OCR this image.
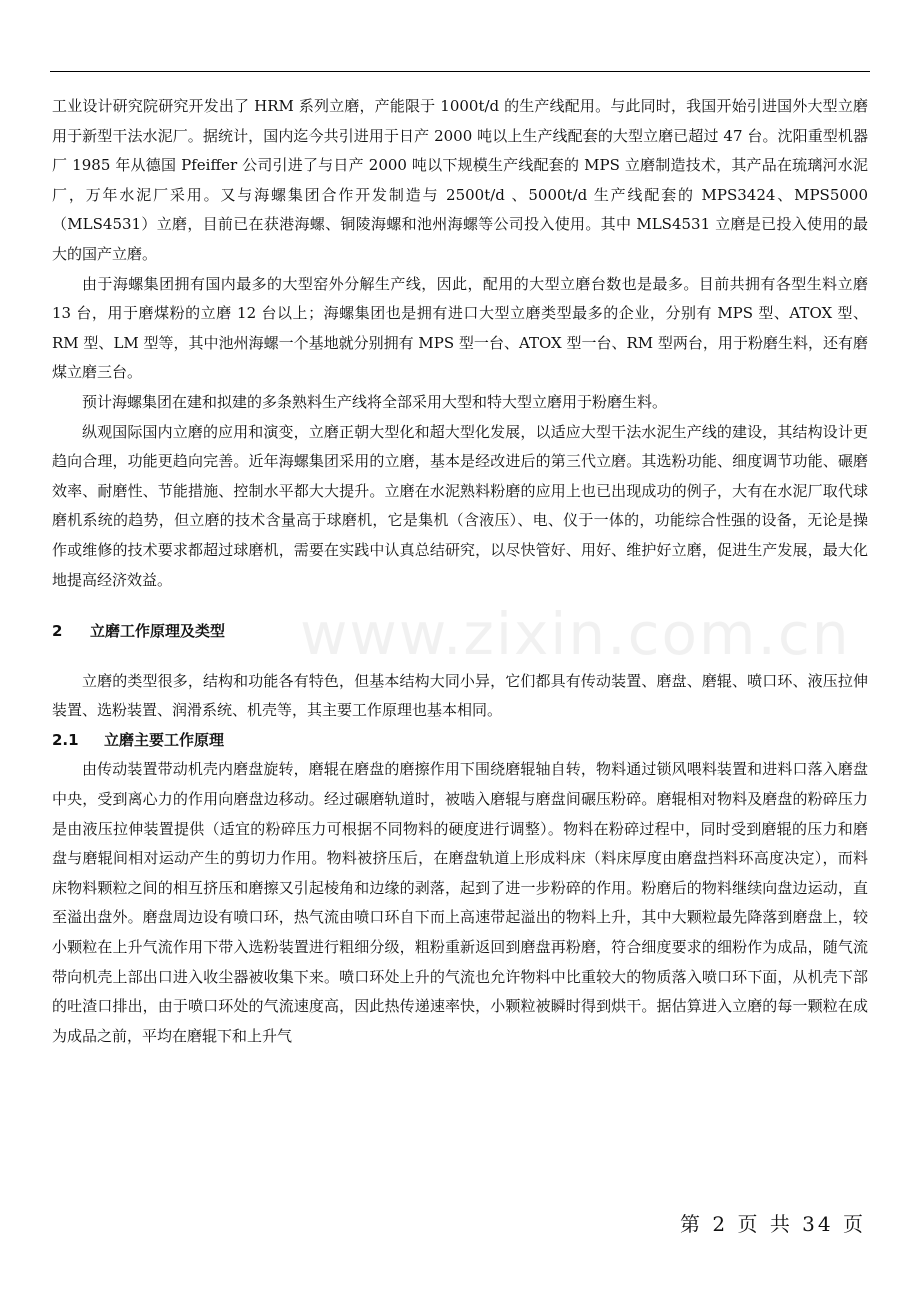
www.zixin.com.cn

工业设计研究院研究开发出了 HRM 系列立磨，产能限于 1000t/d 的生产线配用。与此同时，我国开始引进国外大型立磨用于新型干法水泥厂。据统计，国内迄今共引进用于日产 2000 吨以上生产线配套的大型立磨已超过 47 台。沈阳重型机器厂 1985 年从德国 Pfeiffer 公司引进了与日产 2000 吨以下规模生产线配套的 MPS 立磨制造技术，其产品在琉璃河水泥厂，万年水泥厂采用。又与海螺集团合作开发制造与 2500t/d 、5000t/d 生产线配套的 MPS3424、MPS5000（MLS4531）立磨，目前已在获港海螺、铜陵海螺和池州海螺等公司投入使用。其中 MLS4531 立磨是已投入使用的最大的国产立磨。

由于海螺集团拥有国内最多的大型窑外分解生产线，因此，配用的大型立磨台数也是最多。目前共拥有各型生料立磨 13 台，用于磨煤粉的立磨 12 台以上；海螺集团也是拥有进口大型立磨类型最多的企业，分别有 MPS 型、ATOX 型、RM 型、LM 型等，其中池州海螺一个基地就分别拥有 MPS 型一台、ATOX 型一台、RM 型两台，用于粉磨生料，还有磨煤立磨三台。

预计海螺集团在建和拟建的多条熟料生产线将全部采用大型和特大型立磨用于粉磨生料。

纵观国际国内立磨的应用和演变，立磨正朝大型化和超大型化发展，以适应大型干法水泥生产线的建设，其结构设计更趋向合理，功能更趋向完善。近年海螺集团采用的立磨，基本是经改进后的第三代立磨。其选粉功能、细度调节功能、碾磨效率、耐磨性、节能措施、控制水平都大大提升。立磨在水泥熟料粉磨的应用上也已出现成功的例子，大有在水泥厂取代球磨机系统的趋势，但立磨的技术含量高于球磨机，它是集机（含液压）、电、仪于一体的，功能综合性强的设备，无论是操作或维修的技术要求都超过球磨机，需要在实践中认真总结研究，以尽快管好、用好、维护好立磨，促进生产发展，最大化地提高经济效益。

2 立磨工作原理及类型

立磨的类型很多，结构和功能各有特色，但基本结构大同小异，它们都具有传动装置、磨盘、磨辊、喷口环、液压拉伸装置、选粉装置、润滑系统、机壳等，其主要工作原理也基本相同。

2.1 立磨主要工作原理

由传动装置带动机壳内磨盘旋转，磨辊在磨盘的磨擦作用下围绕磨辊轴自转，物料通过锁风喂料装置和进料口落入磨盘中央，受到离心力的作用向磨盘边移动。经过碾磨轨道时，被啮入磨辊与磨盘间碾压粉碎。磨辊相对物料及磨盘的粉碎压力是由液压拉伸装置提供（适宜的粉碎压力可根据不同物料的硬度进行调整）。物料在粉碎过程中，同时受到磨辊的压力和磨盘与磨辊间相对运动产生的剪切力作用。物料被挤压后，在磨盘轨道上形成料床（料床厚度由磨盘挡料环高度决定），而料床物料颗粒之间的相互挤压和磨擦又引起棱角和边缘的剥落，起到了进一步粉碎的作用。粉磨后的物料继续向盘边运动，直至溢出盘外。磨盘周边设有喷口环，热气流由喷口环自下而上高速带起溢出的物料上升，其中大颗粒最先降落到磨盘上，较小颗粒在上升气流作用下带入选粉装置进行粗细分级，粗粉重新返回到磨盘再粉磨，符合细度要求的细粉作为成品，随气流带向机壳上部出口进入收尘器被收集下来。喷口环处上升的气流也允许物料中比重较大的物质落入喷口环下面，从机壳下部的吐渣口排出，由于喷口环处的气流速度高，因此热传递速率快，小颗粒被瞬时得到烘干。据估算进入立磨的每一颗粒在成为成品之前，平均在磨辊下和上升气

第 2 页 共 34 页
